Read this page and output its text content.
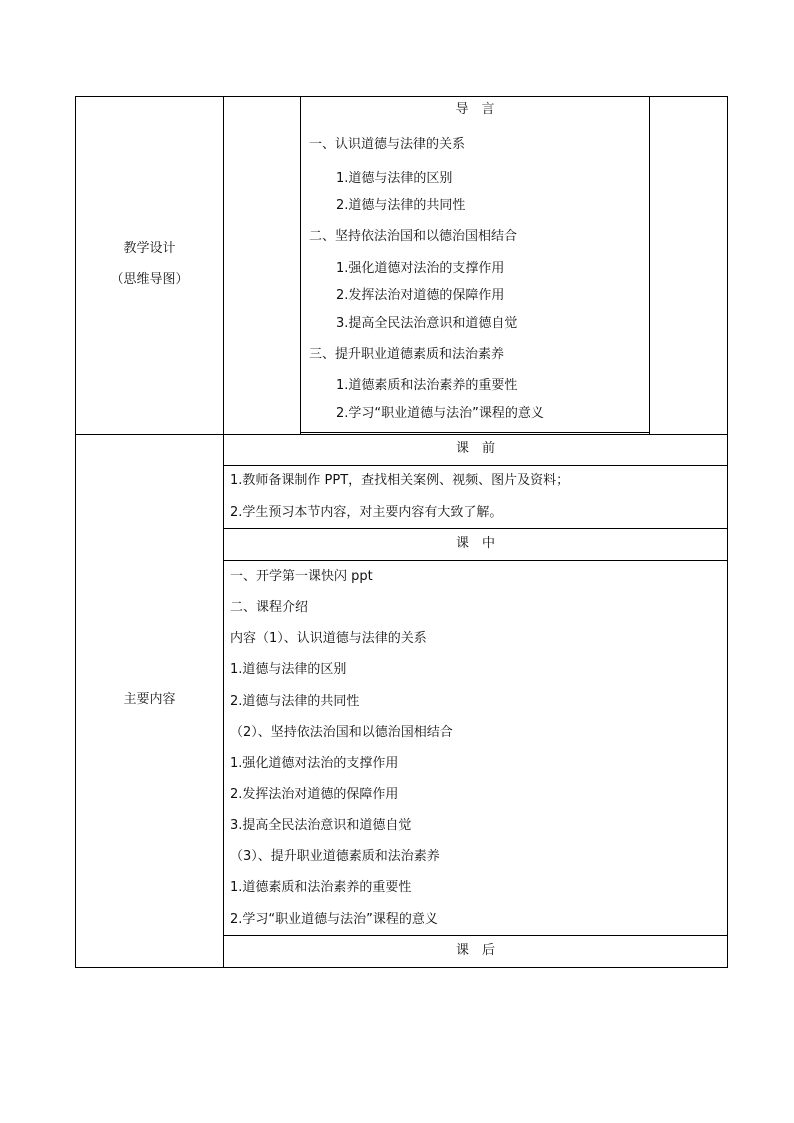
教学设计
（思维导图）
导　言
一、认识道德与法律的关系
1.道德与法律的区别
2.道德与法律的共同性
二、坚持依法治国和以德治国相结合
1.强化道德对法治的支撑作用
2.发挥法治对道德的保障作用
3.提高全民法治意识和道德自觉
三、提升职业道德素质和法治素养
1.道德素质和法治素养的重要性
2.学习“职业道德与法治”课程的意义
主要内容
课　前
1.教师备课制作 PPT，查找相关案例、视频、图片及资料；
2.学生预习本节内容，对主要内容有大致了解。
课　中
一、开学第一课快闪 ppt
二、课程介绍
内容（1）、认识道德与法律的关系
1.道德与法律的区别
2.道德与法律的共同性
（2）、坚持依法治国和以德治国相结合
1.强化道德对法治的支撑作用
2.发挥法治对道德的保障作用
3.提高全民法治意识和道德自觉
（3）、提升职业道德素质和法治素养
1.道德素质和法治素养的重要性
2.学习“职业道德与法治”课程的意义
课　后
